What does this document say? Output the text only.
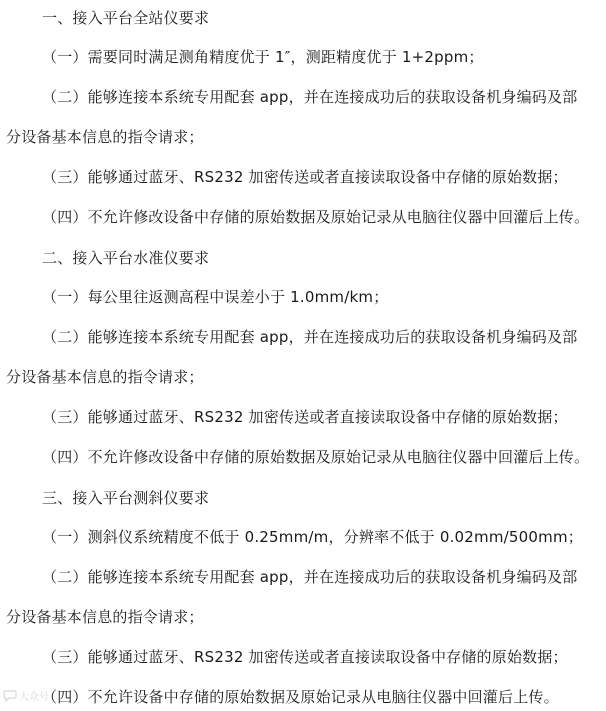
一、接入平台全站仪要求
（一）需要同时满足测角精度优于 1″，测距精度优于 1+2ppm；
（二）能够连接本系统专用配套 app，并在连接成功后的获取设备机身编码及部
分设备基本信息的指令请求；
（三）能够通过蓝牙、RS232 加密传送或者直接读取设备中存储的原始数据；
（四）不允许修改设备中存储的原始数据及原始记录从电脑往仪器中回灌后上传。
二、接入平台水准仪要求
（一）每公里往返测高程中误差小于 1.0mm/km；
（二）能够连接本系统专用配套 app，并在连接成功后的获取设备机身编码及部
分设备基本信息的指令请求；
（三）能够通过蓝牙、RS232 加密传送或者直接读取设备中存储的原始数据；
（四）不允许修改设备中存储的原始数据及原始记录从电脑往仪器中回灌后上传。
三、接入平台测斜仪要求
（一）测斜仪系统精度不低于 0.25mm/m，分辨率不低于 0.02mm/500mm；
（二）能够连接本系统专用配套 app，并在连接成功后的获取设备机身编码及部
分设备基本信息的指令请求；
（三）能够通过蓝牙、RS232 加密传送或者直接读取设备中存储的原始数据；
（四）不允许设备中存储的原始数据及原始记录从电脑往仪器中回灌后上传。
大众号
